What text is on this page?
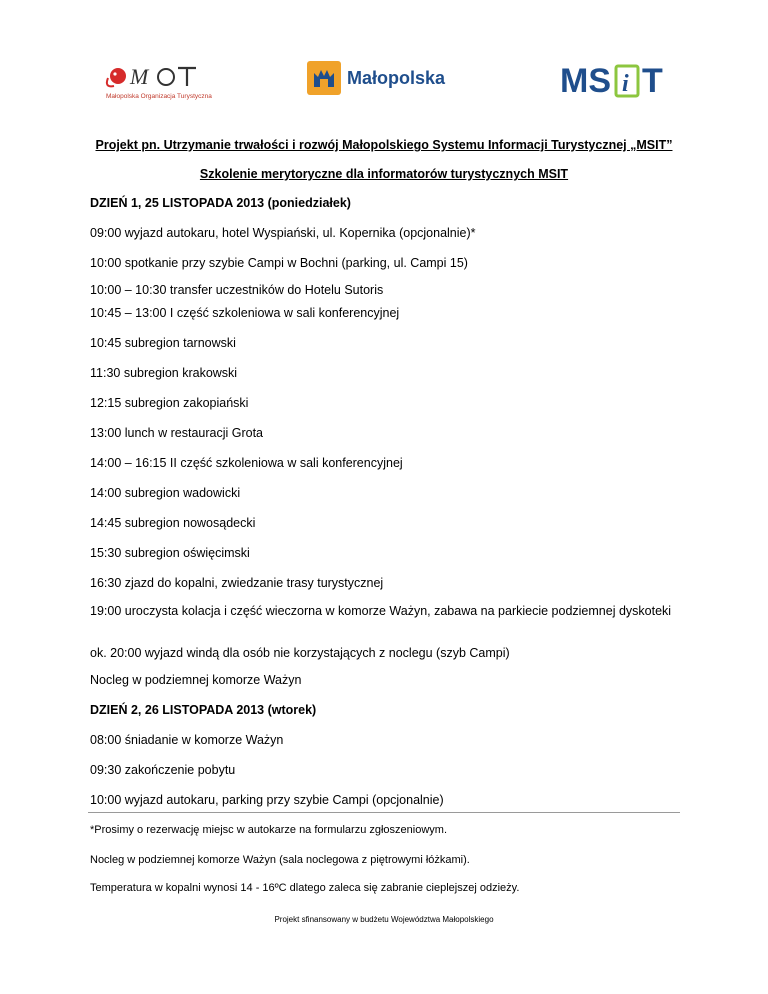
M
Małopolska Organizacja Turystyczna
Małopolska	MS i T
Projekt pn. Utrzymanie trwałości i rozwój Małopolskiego Systemu Informacji Turystycznej „MSIT”
Szkolenie merytoryczne dla informatorów turystycznych MSIT
DZIEŃ 1, 25 LISTOPADA 2013 (poniedziałek)
09:00 wyjazd autokaru, hotel Wyspiański, ul. Kopernika (opcjonalnie)*
10:00 spotkanie przy szybie Campi w Bochni (parking, ul. Campi 15)
10:00 – 10:30 transfer uczestników do Hotelu Sutoris
10:45 – 13:00 I część szkoleniowa w sali konferencyjnej
10:45 subregion tarnowski
11:30 subregion krakowski
12:15 subregion zakopiański
13:00 lunch w restauracji Grota
14:00 – 16:15 II część szkoleniowa w sali konferencyjnej
14:00 subregion wadowicki
14:45 subregion nowosądecki
15:30 subregion oświęcimski
16:30 zjazd do kopalni, zwiedzanie trasy turystycznej
19:00 uroczysta kolacja i część wieczorna w komorze Ważyn, zabawa na parkiecie podziemnej dyskoteki
ok. 20:00 wyjazd windą dla osób nie korzystających z noclegu (szyb Campi)
Nocleg w podziemnej komorze Ważyn
DZIEŃ 2, 26 LISTOPADA 2013 (wtorek)
08:00 śniadanie w komorze Ważyn
09:30 zakończenie pobytu
10:00 wyjazd autokaru, parking przy szybie Campi (opcjonalnie)
*Prosimy o rezerwację miejsc w autokarze na formularzu zgłoszeniowym.
Nocleg w podziemnej komorze Ważyn (sala noclegowa z piętrowymi łóżkami).
Temperatura w kopalni wynosi 14 - 16ºC dlatego zaleca się zabranie cieplejszej odzieży.
Projekt sfinansowany w budżetu Województwa Małopolskiego
